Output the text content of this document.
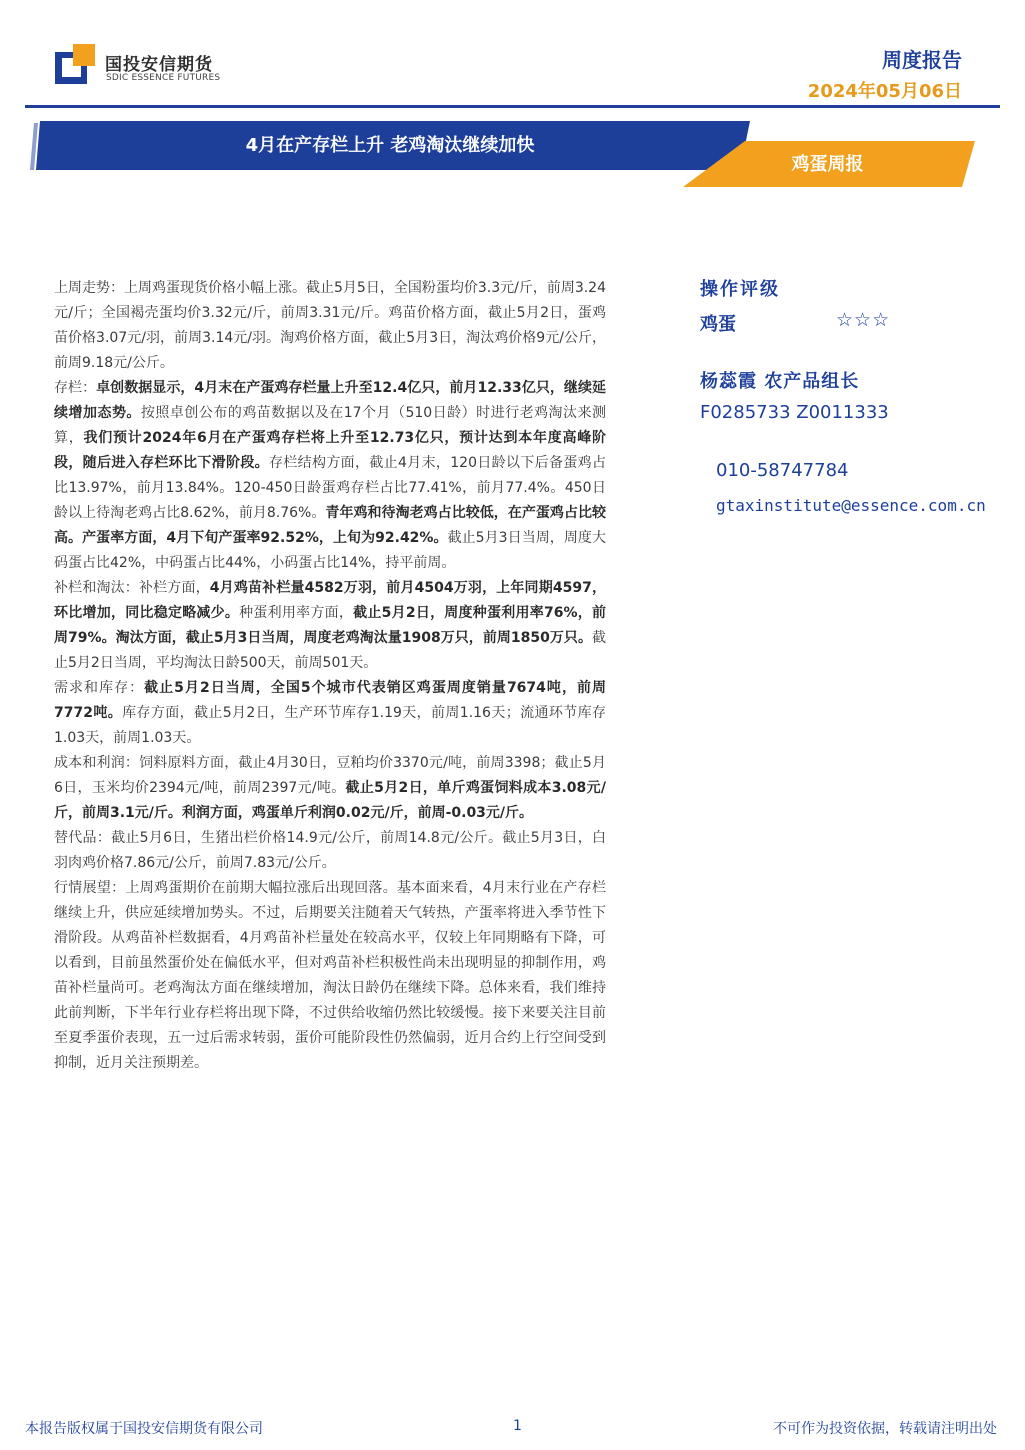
国投安信期货
SDIC ESSENCE FUTURES
周度报告
2024年05月06日
4月在产存栏上升 老鸡淘汰继续加快
鸡蛋周报

上周走势：上周鸡蛋现货价格小幅上涨。截止5月5日，全国粉蛋均价3.3元/斤，前周3.24元/斤；全国褐壳蛋均价3.32元/斤，前周3.31元/斤。鸡苗价格方面，截止5月2日，蛋鸡苗价格3.07元/羽，前周3.14元/羽。淘鸡价格方面，截止5月3日，淘汰鸡价格9元/公斤，前周9.18元/公斤。

存栏：卓创数据显示，4月末在产蛋鸡存栏量上升至12.4亿只，前月12.33亿只，继续延续增加态势。按照卓创公布的鸡苗数据以及在17个月（510日龄）时进行老鸡淘汰来测算，我们预计2024年6月在产蛋鸡存栏将上升至12.73亿只，预计达到本年度高峰阶段，随后进入存栏环比下滑阶段。存栏结构方面，截止4月末，120日龄以下后备蛋鸡占比13.97%，前月13.84%。120-450日龄蛋鸡存栏占比77.41%，前月77.4%。450日龄以上待淘老鸡占比8.62%，前月8.76%。青年鸡和待淘老鸡占比较低，在产蛋鸡占比较高。产蛋率方面，4月下旬产蛋率92.52%，上旬为92.42%。截止5月3日当周，周度大码蛋占比42%，中码蛋占比44%，小码蛋占比14%，持平前周。

补栏和淘汰：补栏方面，4月鸡苗补栏量4582万羽，前月4504万羽，上年同期4597，环比增加，同比稳定略减少。种蛋利用率方面，截止5月2日，周度种蛋利用率76%，前周79%。淘汰方面，截止5月3日当周，周度老鸡淘汰量1908万只，前周1850万只。截止5月2日当周，平均淘汰日龄500天，前周501天。

需求和库存：截止5月2日当周，全国5个城市代表销区鸡蛋周度销量7674吨，前周7772吨。库存方面，截止5月2日，生产环节库存1.19天，前周1.16天；流通环节库存1.03天，前周1.03天。

成本和利润：饲料原料方面，截止4月30日，豆粕均价3370元/吨，前周3398；截止5月6日，玉米均价2394元/吨，前周2397元/吨。截止5月2日，单斤鸡蛋饲料成本3.08元/斤，前周3.1元/斤。利润方面，鸡蛋单斤利润0.02元/斤，前周-0.03元/斤。

替代品：截止5月6日，生猪出栏价格14.9元/公斤，前周14.8元/公斤。截止5月3日，白羽肉鸡价格7.86元/公斤，前周7.83元/公斤。

行情展望：上周鸡蛋期价在前期大幅拉涨后出现回落。基本面来看，4月末行业在产存栏继续上升，供应延续增加势头。不过，后期要关注随着天气转热，产蛋率将进入季节性下滑阶段。从鸡苗补栏数据看，4月鸡苗补栏量处在较高水平，仅较上年同期略有下降，可以看到，目前虽然蛋价处在偏低水平，但对鸡苗补栏积极性尚未出现明显的抑制作用，鸡苗补栏量尚可。老鸡淘汰方面在继续增加，淘汰日龄仍在继续下降。总体来看，我们维持此前判断，下半年行业存栏将出现下降，不过供给收缩仍然比较缓慢。接下来要关注目前至夏季蛋价表现，五一过后需求转弱，蛋价可能阶段性仍然偏弱，近月合约上行空间受到抑制，近月关注预期差。

操作评级
鸡蛋	☆☆☆
杨蕊霞 农产品组长
F0285733 Z0011333
010-58747784
gtaxinstitute@essence.com.cn
本报告版权属于国投安信期货有限公司	1	不可作为投资依据，转载请注明出处
